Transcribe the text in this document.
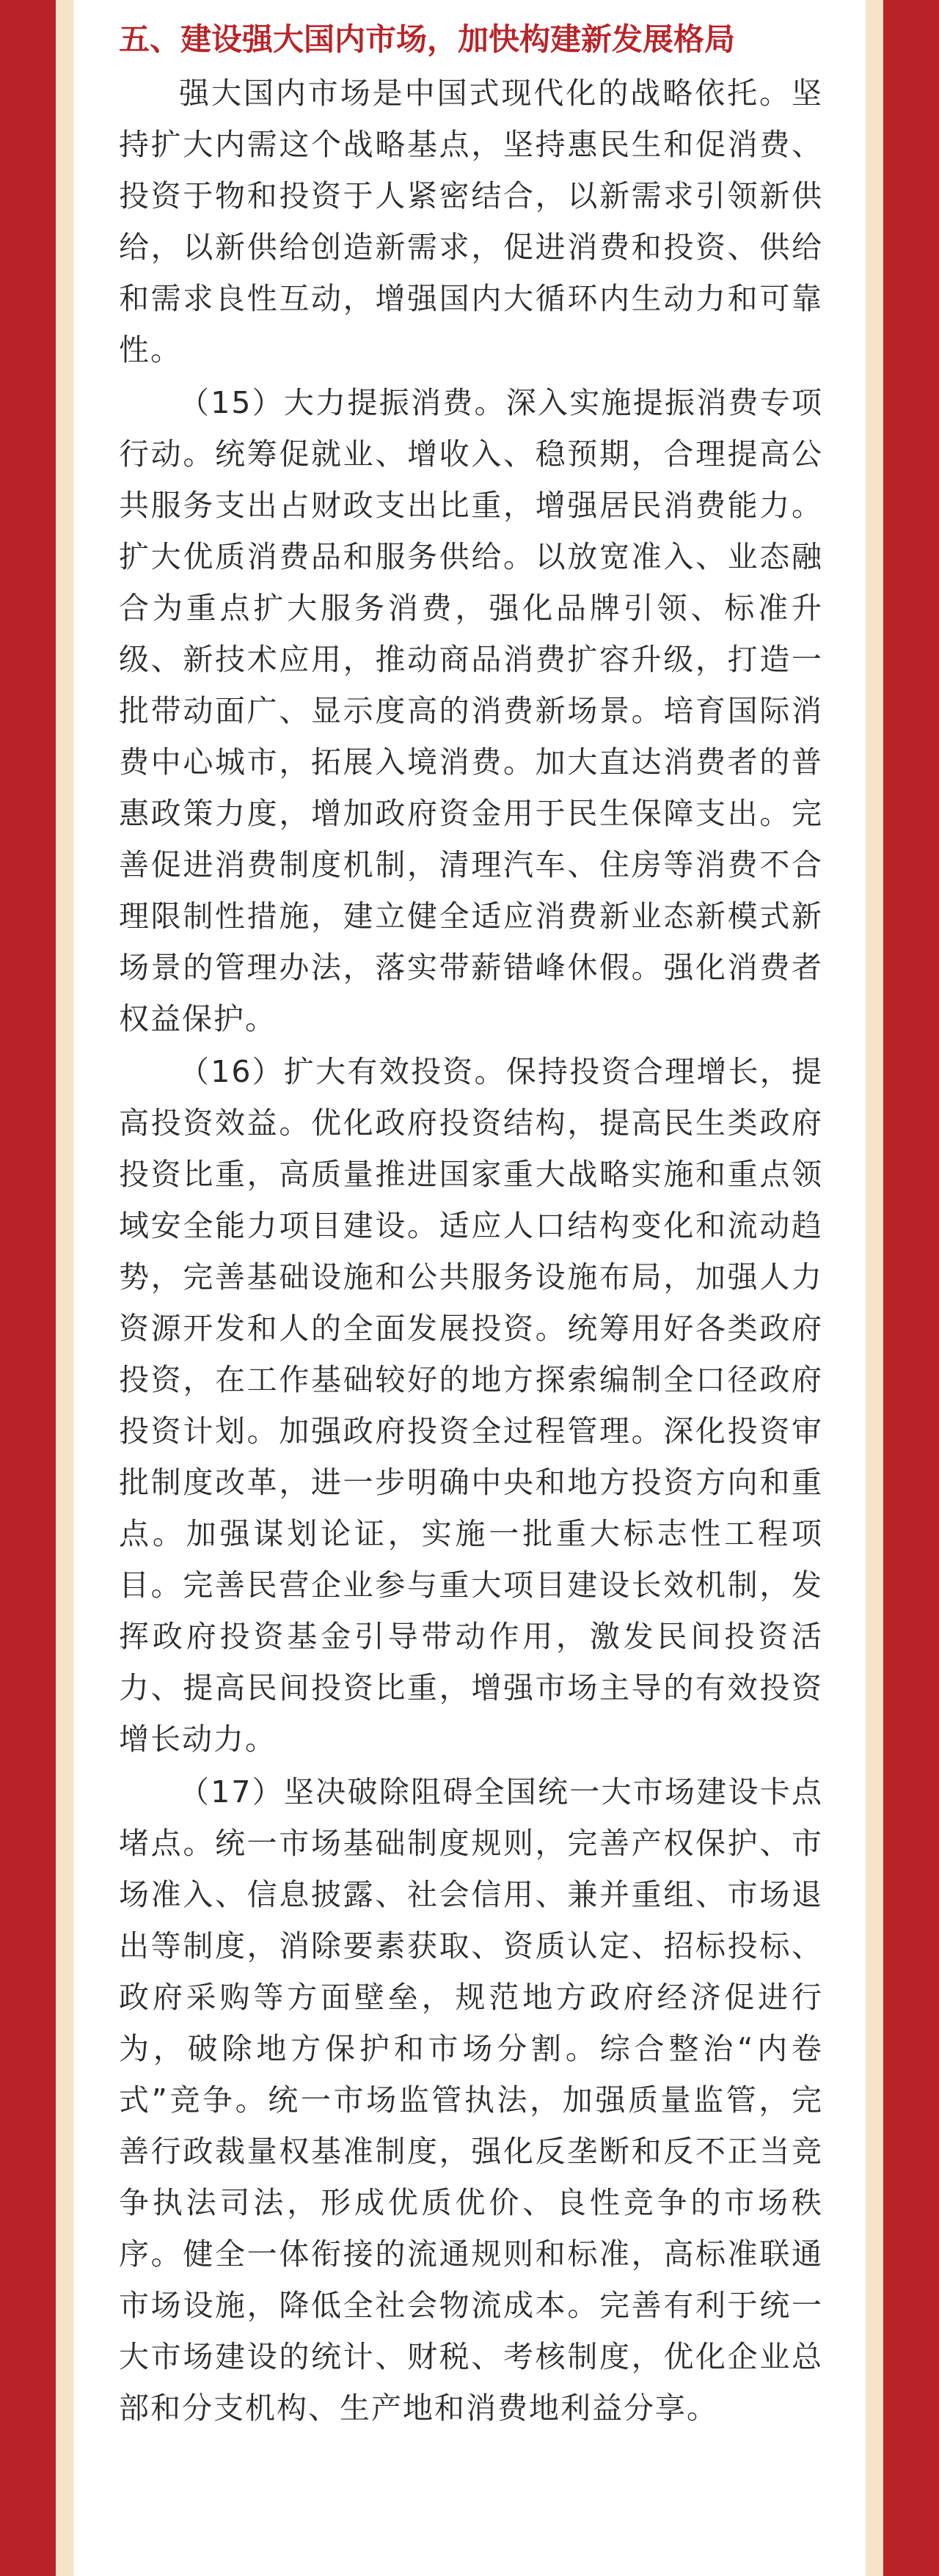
五、建设强大国内市场，加快构建新发展格局

强大国内市场是中国式现代化的战略依托。坚持扩大内需这个战略基点，坚持惠民生和促消费、投资于物和投资于人紧密结合，以新需求引领新供给，以新供给创造新需求，促进消费和投资、供给和需求良性互动，增强国内大循环内生动力和可靠性。

（15）大力提振消费。深入实施提振消费专项行动。统筹促就业、增收入、稳预期，合理提高公共服务支出占财政支出比重，增强居民消费能力。扩大优质消费品和服务供给。以放宽准入、业态融合为重点扩大服务消费，强化品牌引领、标准升级、新技术应用，推动商品消费扩容升级，打造一批带动面广、显示度高的消费新场景。培育国际消费中心城市，拓展入境消费。加大直达消费者的普惠政策力度，增加政府资金用于民生保障支出。完善促进消费制度机制，清理汽车、住房等消费不合理限制性措施，建立健全适应消费新业态新模式新场景的管理办法，落实带薪错峰休假。强化消费者权益保护。

（16）扩大有效投资。保持投资合理增长，提高投资效益。优化政府投资结构，提高民生类政府投资比重，高质量推进国家重大战略实施和重点领域安全能力项目建设。适应人口结构变化和流动趋势，完善基础设施和公共服务设施布局，加强人力资源开发和人的全面发展投资。统筹用好各类政府投资，在工作基础较好的地方探索编制全口径政府投资计划。加强政府投资全过程管理。深化投资审批制度改革，进一步明确中央和地方投资方向和重点。加强谋划论证，实施一批重大标志性工程项目。完善民营企业参与重大项目建设长效机制，发挥政府投资基金引导带动作用，激发民间投资活力、提高民间投资比重，增强市场主导的有效投资增长动力。

（17）坚决破除阻碍全国统一大市场建设卡点堵点。统一市场基础制度规则，完善产权保护、市场准入、信息披露、社会信用、兼并重组、市场退出等制度，消除要素获取、资质认定、招标投标、政府采购等方面壁垒，规范地方政府经济促进行为，破除地方保护和市场分割。综合整治“内卷式”竞争。统一市场监管执法，加强质量监管，完善行政裁量权基准制度，强化反垄断和反不正当竞争执法司法，形成优质优价、良性竞争的市场秩序。健全一体衔接的流通规则和标准，高标准联通市场设施，降低全社会物流成本。完善有利于统一大市场建设的统计、财税、考核制度，优化企业总部和分支机构、生产地和消费地利益分享。
